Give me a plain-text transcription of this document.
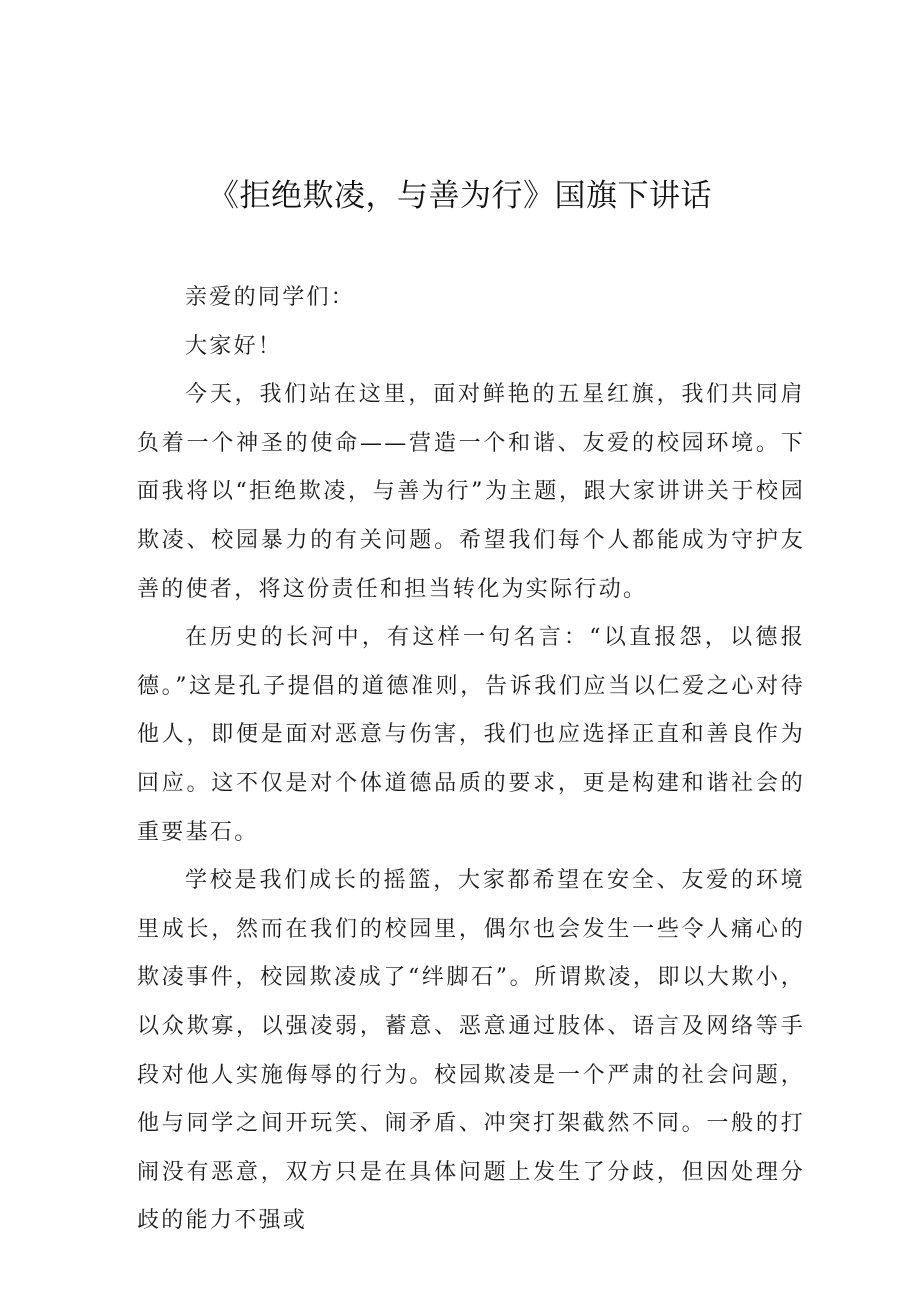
《拒绝欺凌，与善为行》国旗下讲话

亲爱的同学们：

大家好！

今天，我们站在这里，面对鲜艳的五星红旗，我们共同肩负着一个神圣的使命——营造一个和谐、友爱的校园环境。下面我将以“拒绝欺凌，与善为行”为主题，跟大家讲讲关于校园欺凌、校园暴力的有关问题。希望我们每个人都能成为守护友善的使者，将这份责任和担当转化为实际行动。

在历史的长河中，有这样一句名言：“以直报怨，以德报德。”这是孔子提倡的道德准则，告诉我们应当以仁爱之心对待他人，即便是面对恶意与伤害，我们也应选择正直和善良作为回应。这不仅是对个体道德品质的要求，更是构建和谐社会的重要基石。

学校是我们成长的摇篮，大家都希望在安全、友爱的环境里成长，然而在我们的校园里，偶尔也会发生一些令人痛心的欺凌事件，校园欺凌成了“绊脚石”。所谓欺凌，即以大欺小，以众欺寡，以强凌弱，蓄意、恶意通过肢体、语言及网络等手段对他人实施侮辱的行为。校园欺凌是一个严肃的社会问题，他与同学之间开玩笑、闹矛盾、冲突打架截然不同。一般的打闹没有恶意，双方只是在具体问题上发生了分歧，但因处理分歧的能力不强或
